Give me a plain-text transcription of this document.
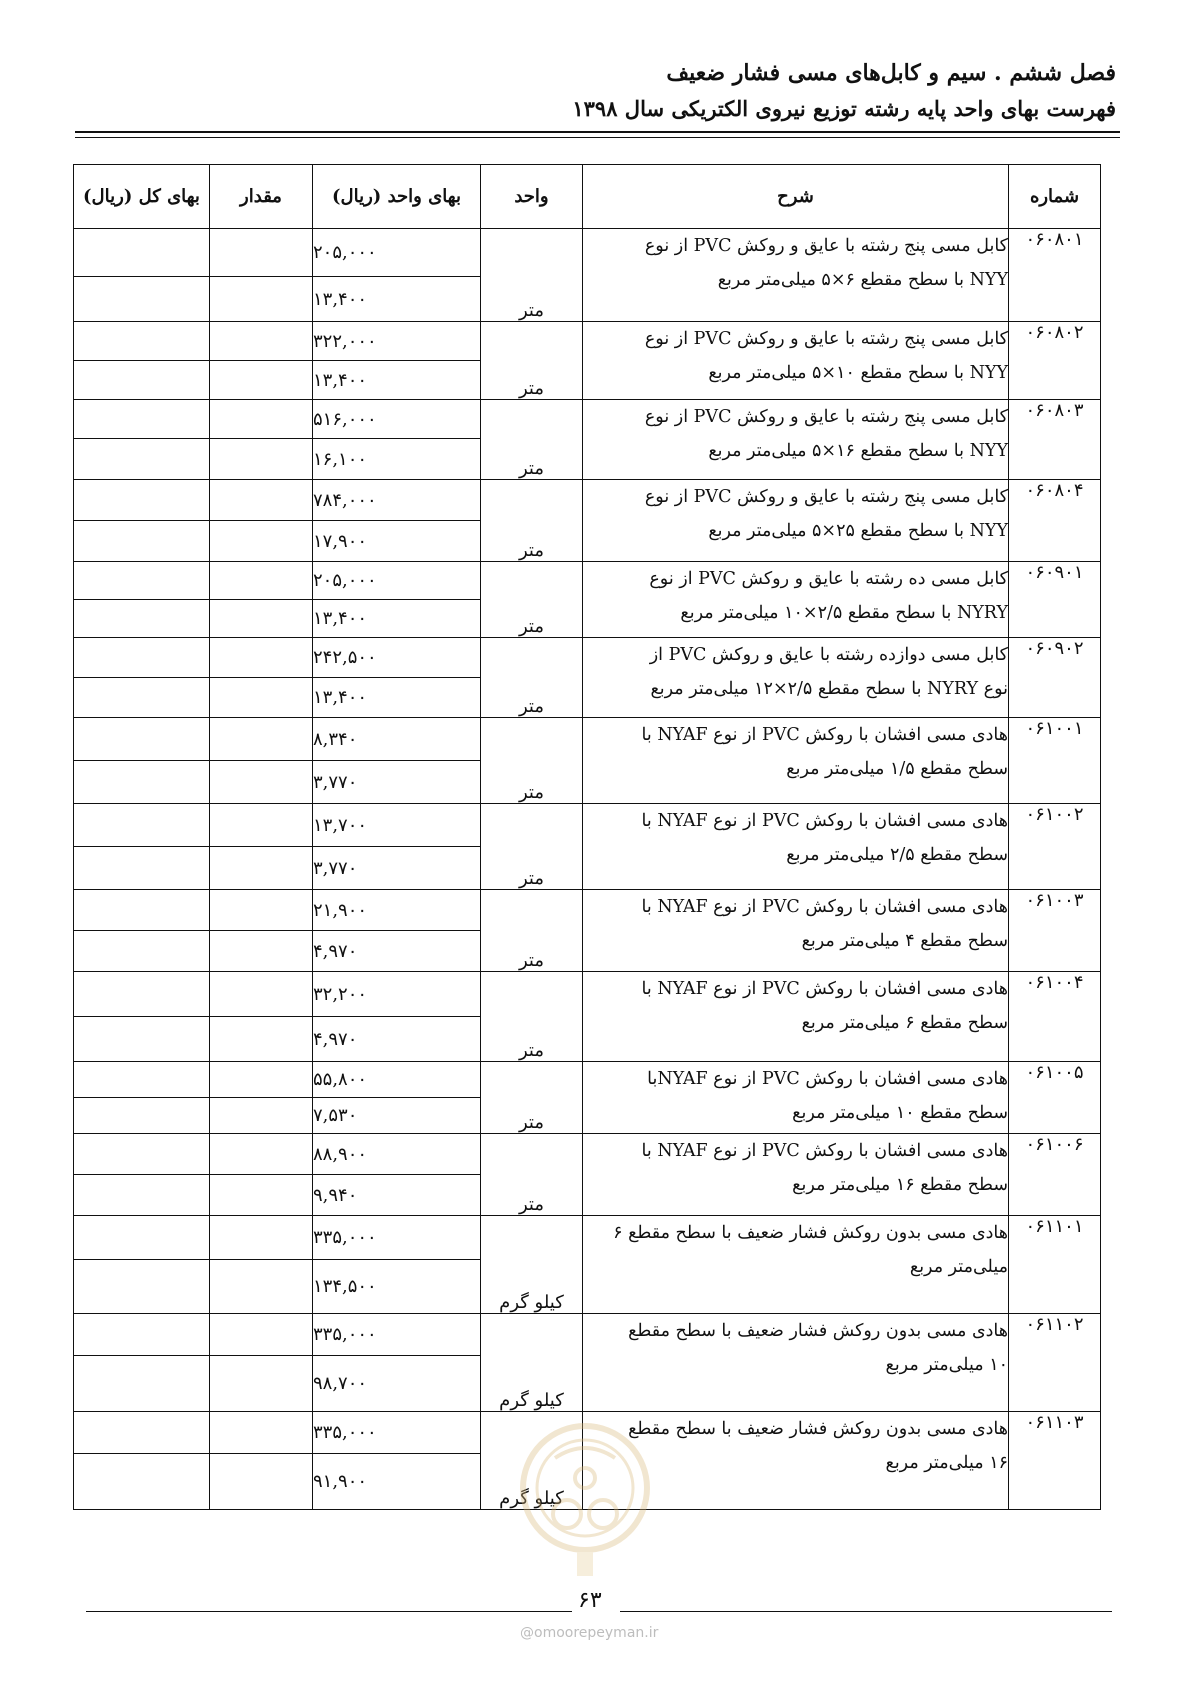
فصل ششم . سیم و کابل‌های مسی فشار ضعیف
فهرست بهای واحد پایه رشته توزیع نیروی الکتریکی سال ۱۳۹۸
شماره	شرح	واحد	بهای واحد (ریال)	مقدار	بهای کل (ریال)
۰۶۰۸۰۱	کابل مسی پنج رشته با عایق و روکش PVC از نوع
NYY با سطح مقطع ۶×۵ میلی‌متر مربع	متر	۲۰۵,۰۰۰		
			۱۳,۴۰۰		
۰۶۰۸۰۲	کابل مسی پنج رشته با عایق و روکش PVC از نوع
NYY با سطح مقطع ۱۰×۵ میلی‌متر مربع	متر	۳۲۲,۰۰۰		
			۱۳,۴۰۰		
۰۶۰۸۰۳	کابل مسی پنج رشته با عایق و روکش PVC از نوع
NYY با سطح مقطع ۱۶×۵ میلی‌متر مربع	متر	۵۱۶,۰۰۰		
			۱۶,۱۰۰		
۰۶۰۸۰۴	کابل مسی پنج رشته با عایق و روکش PVC از نوع
NYY با سطح مقطع ۲۵×۵ میلی‌متر مربع	متر	۷۸۴,۰۰۰		
			۱۷,۹۰۰		
۰۶۰۹۰۱	کابل مسی ده رشته با عایق و روکش PVC از نوع
NYRY با سطح مقطع ۲/۵×۱۰ میلی‌متر مربع	متر	۲۰۵,۰۰۰		
			۱۳,۴۰۰		
۰۶۰۹۰۲	کابل مسی دوازده رشته با عایق و روکش PVC از
نوع NYRY با سطح مقطع ۲/۵×۱۲ میلی‌متر مربع	متر	۲۴۲,۵۰۰		
			۱۳,۴۰۰		
۰۶۱۰۰۱	هادی مسی افشان با روکش PVC از نوع NYAF با
سطح مقطع ۱/۵ میلی‌متر مربع	متر	۸,۳۴۰		
			۳,۷۷۰		
۰۶۱۰۰۲	هادی مسی افشان با روکش PVC از نوع NYAF با
سطح مقطع ۲/۵ میلی‌متر مربع	متر	۱۳,۷۰۰		
			۳,۷۷۰		
۰۶۱۰۰۳	هادی مسی افشان با روکش PVC از نوع NYAF با
سطح مقطع ۴ میلی‌متر مربع	متر	۲۱,۹۰۰		
			۴,۹۷۰		
۰۶۱۰۰۴	هادی مسی افشان با روکش PVC از نوع NYAF با
سطح مقطع ۶ میلی‌متر مربع	متر	۳۲,۲۰۰		
			۴,۹۷۰		
۰۶۱۰۰۵	هادی مسی افشان با روکش PVC از نوع NYAFبا
سطح مقطع ۱۰ میلی‌متر مربع	متر	۵۵,۸۰۰		
			۷,۵۳۰		
۰۶۱۰۰۶	هادی مسی افشان با روکش PVC از نوع NYAF با
سطح مقطع ۱۶ میلی‌متر مربع	متر	۸۸,۹۰۰		
			۹,۹۴۰		
۰۶۱۱۰۱	هادی مسی بدون روکش فشار ضعیف با سطح مقطع ۶
میلی‌متر مربع	کیلو گرم	۳۳۵,۰۰۰		
			۱۳۴,۵۰۰		
۰۶۱۱۰۲	هادی مسی بدون روکش فشار ضعیف با سطح مقطع
۱۰ میلی‌متر مربع	کیلو گرم	۳۳۵,۰۰۰		
			۹۸,۷۰۰		
۰۶۱۱۰۳	هادی مسی بدون روکش فشار ضعیف با سطح مقطع
۱۶ میلی‌متر مربع	کیلو گرم	۳۳۵,۰۰۰		
			۹۱,۹۰۰		
۶۳
@omoorepeyman.ir
